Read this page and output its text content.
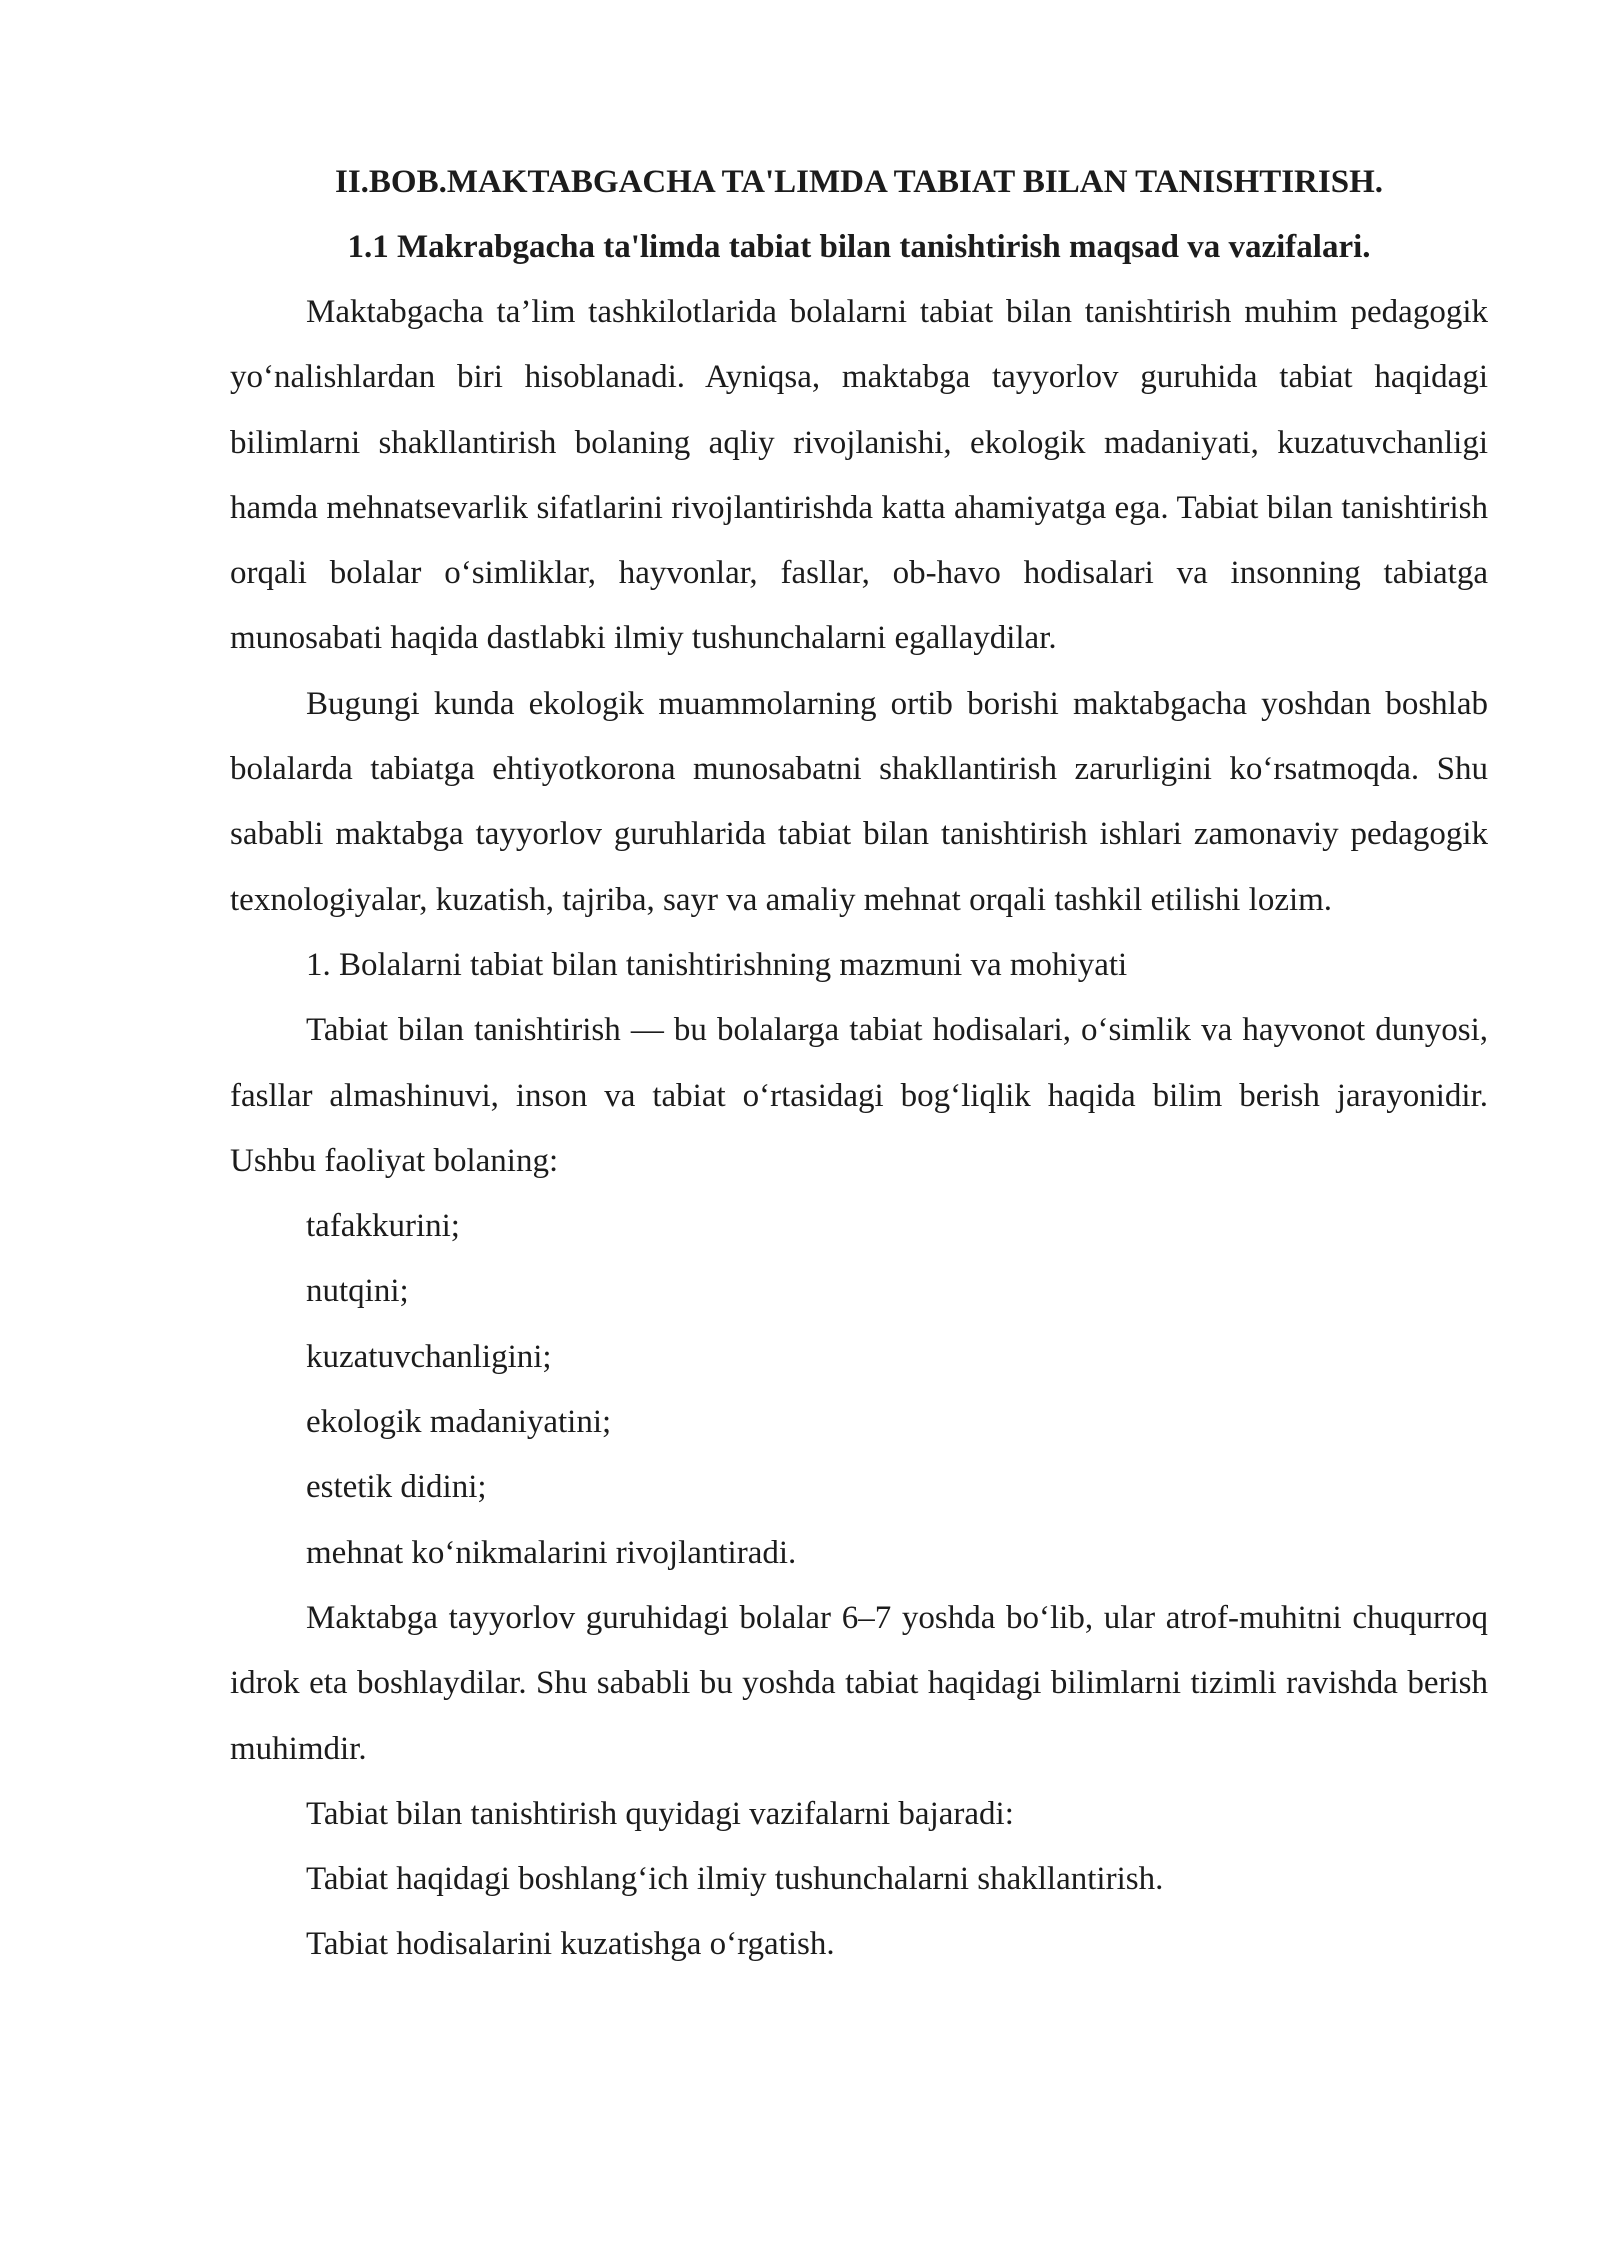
II.BOB.MAKTABGACHA TA'LIMDA TABIAT BILAN TANISHTIRISH.

1.1 Makrabgacha ta'limda tabiat bilan tanishtirish maqsad va vazifalari.

Maktabgacha ta’lim tashkilotlarida bolalarni tabiat bilan tanishtirish muhim pedagogik yo‘nalishlardan biri hisoblanadi. Ayniqsa, maktabga tayyorlov guruhida tabiat haqidagi bilimlarni shakllantirish bolaning aqliy rivojlanishi, ekologik madaniyati, kuzatuvchanligi hamda mehnatsevarlik sifatlarini rivojlantirishda katta ahamiyatga ega. Tabiat bilan tanishtirish orqali bolalar o‘simliklar, hayvonlar, fasllar, ob-havo hodisalari va insonning tabiatga munosabati haqida dastlabki ilmiy tushunchalarni egallaydilar.

Bugungi kunda ekologik muammolarning ortib borishi maktabgacha yoshdan boshlab bolalarda tabiatga ehtiyotkorona munosabatni shakllantirish zarurligini ko‘rsatmoqda. Shu sababli maktabga tayyorlov guruhlarida tabiat bilan tanishtirish ishlari zamonaviy pedagogik texnologiyalar, kuzatish, tajriba, sayr va amaliy mehnat orqali tashkil etilishi lozim.

1. Bolalarni tabiat bilan tanishtirishning mazmuni va mohiyati

Tabiat bilan tanishtirish — bu bolalarga tabiat hodisalari, o‘simlik va hayvonot dunyosi, fasllar almashinuvi, inson va tabiat o‘rtasidagi bog‘liqlik haqida bilim berish jarayonidir. Ushbu faoliyat bolaning:

tafakkurini;

nutqini;

kuzatuvchanligini;

ekologik madaniyatini;

estetik didini;

mehnat ko‘nikmalarini rivojlantiradi.

Maktabga tayyorlov guruhidagi bolalar 6–7 yoshda bo‘lib, ular atrof-muhitni chuqurroq idrok eta boshlaydilar. Shu sababli bu yoshda tabiat haqidagi bilimlarni tizimli ravishda berish muhimdir.

Tabiat bilan tanishtirish quyidagi vazifalarni bajaradi:

Tabiat haqidagi boshlang‘ich ilmiy tushunchalarni shakllantirish.

Tabiat hodisalarini kuzatishga o‘rgatish.
